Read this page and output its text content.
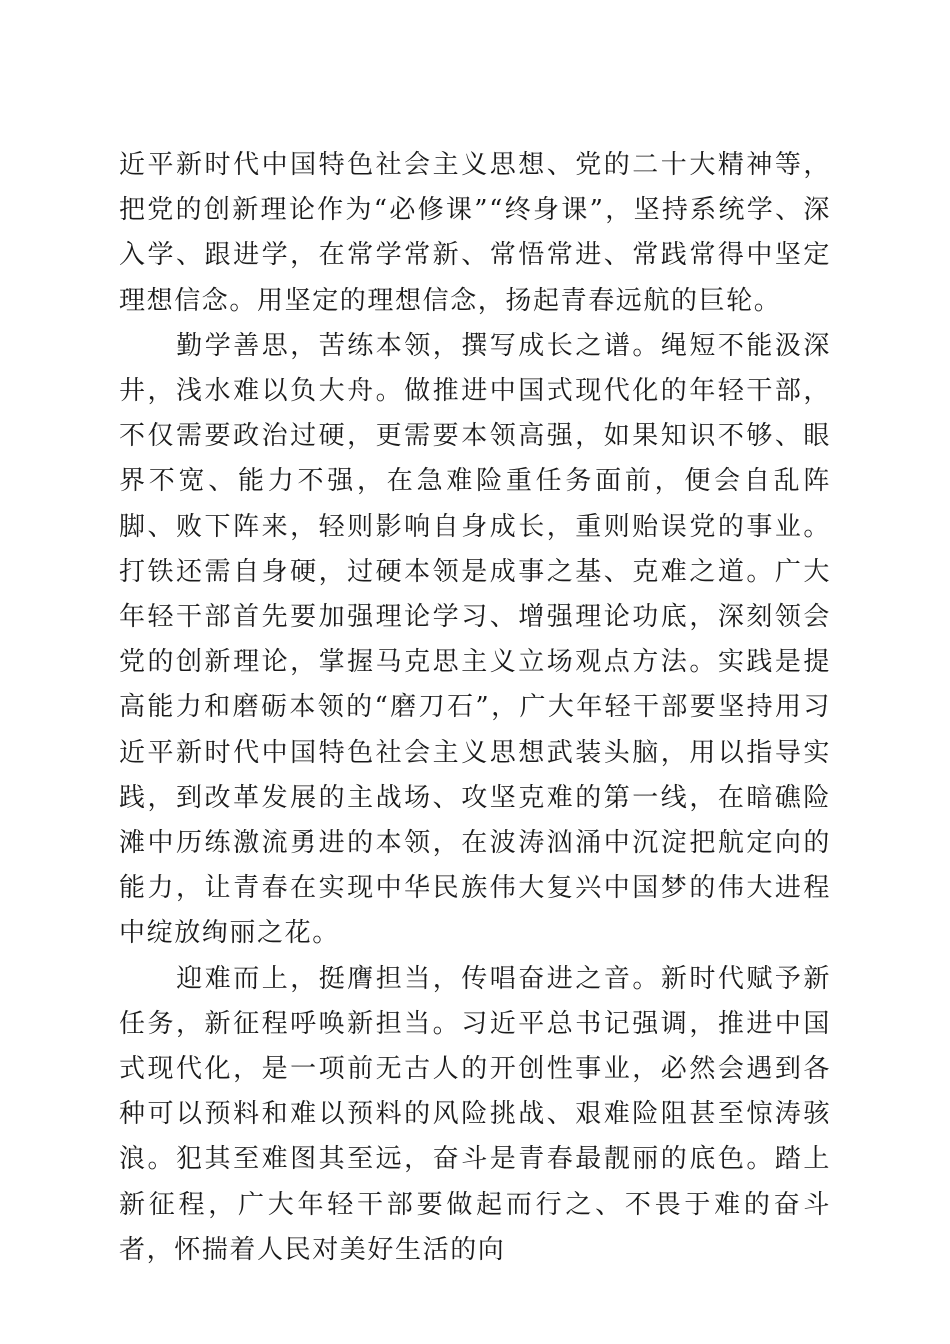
近平新时代中国特色社会主义思想、党的二十大精神等，把党的创新理论作为“必修课”“终身课”，坚持系统学、深入学、跟进学，在常学常新、常悟常进、常践常得中坚定理想信念。用坚定的理想信念，扬起青春远航的巨轮。

勤学善思，苦练本领，撰写成长之谱。绳短不能汲深井，浅水难以负大舟。做推进中国式现代化的年轻干部，不仅需要政治过硬，更需要本领高强，如果知识不够、眼界不宽、能力不强，在急难险重任务面前，便会自乱阵脚、败下阵来，轻则影响自身成长，重则贻误党的事业。打铁还需自身硬，过硬本领是成事之基、克难之道。广大年轻干部首先要加强理论学习、增强理论功底，深刻领会党的创新理论，掌握马克思主义立场观点方法。实践是提高能力和磨砺本领的“磨刀石”，广大年轻干部要坚持用习近平新时代中国特色社会主义思想武装头脑，用以指导实践，到改革发展的主战场、攻坚克难的第一线，在暗礁险滩中历练激流勇进的本领，在波涛汹涌中沉淀把航定向的能力，让青春在实现中华民族伟大复兴中国梦的伟大进程中绽放绚丽之花。

迎难而上，挺膺担当，传唱奋进之音。新时代赋予新任务，新征程呼唤新担当。习近平总书记强调，推进中国式现代化，是一项前无古人的开创性事业，必然会遇到各种可以预料和难以预料的风险挑战、艰难险阻甚至惊涛骇浪。犯其至难图其至远，奋斗是青春最靓丽的底色。踏上新征程，广大年轻干部要做起而行之、不畏于难的奋斗者，怀揣着人民对美好生活的向
